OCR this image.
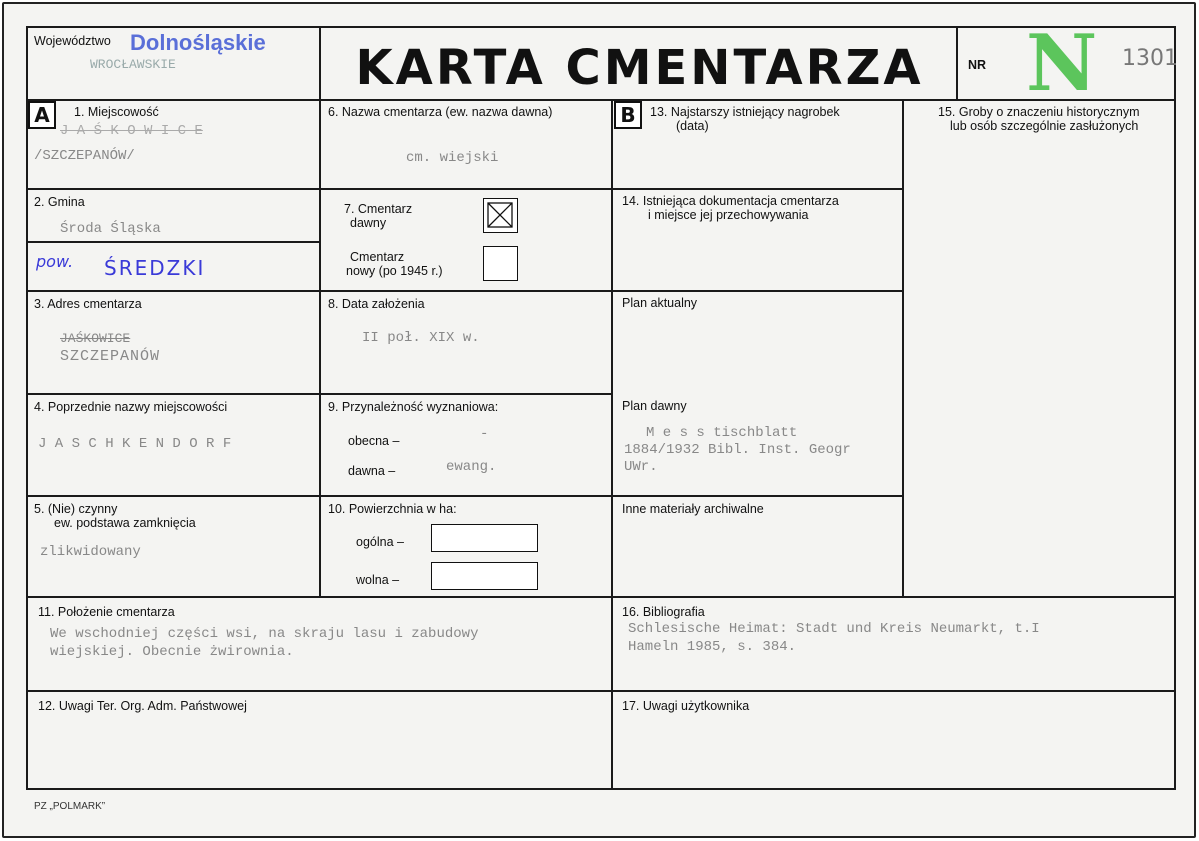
Województwo Dolnośląskie
WROCŁAWSKIE	KARTA CMENTARZA	NR N 1301
A	B
1. Miejscowość
J A Ś K O W I C E
/SZCZEPANÓW/
2. Gmina
Środa Śląska
pow. ŚREDZKI
3. Adres cmentarza
JAŚKOWICE
SZCZEPANÓW
4. Poprzednie nazwy miejscowości
J A S C H K E N D O R F
5. (Nie) czynny
ew. podstawa zamknięcia
zlikwidowany
6. Nazwa cmentarza (ew. nazwa dawna)
cm. wiejski
7. Cmentarz
dawny
Cmentarz
nowy (po 1945 r.)
8. Data założenia
II poł. XIX w.
9. Przynależność wyznaniowa:
obecna –	-
dawna –	ewang.
10. Powierzchnia w ha:
ogólna –
wolna –
11. Położenie cmentarza
We wschodniej części wsi, na skraju lasu i zabudowy
wiejskiej. Obecnie żwirownia.
12. Uwagi Ter. Org. Adm. Państwowej
13. Najstarszy istniejący nagrobek
(data)
14. Istniejąca dokumentacja cmentarza
i miejsce jej przechowywania
Plan aktualny
Plan dawny
M e s s tischblatt
1884/1932 Bibl. Inst. Geogr
UWr.
Inne materiały archiwalne
15. Groby o znaczeniu historycznym
lub osób szczególnie zasłużonych
16. Bibliografia
Schlesische Heimat: Stadt und Kreis Neumarkt, t.I
Hameln 1985, s. 384.
17. Uwagi użytkownika
PZ „POLMARK”
